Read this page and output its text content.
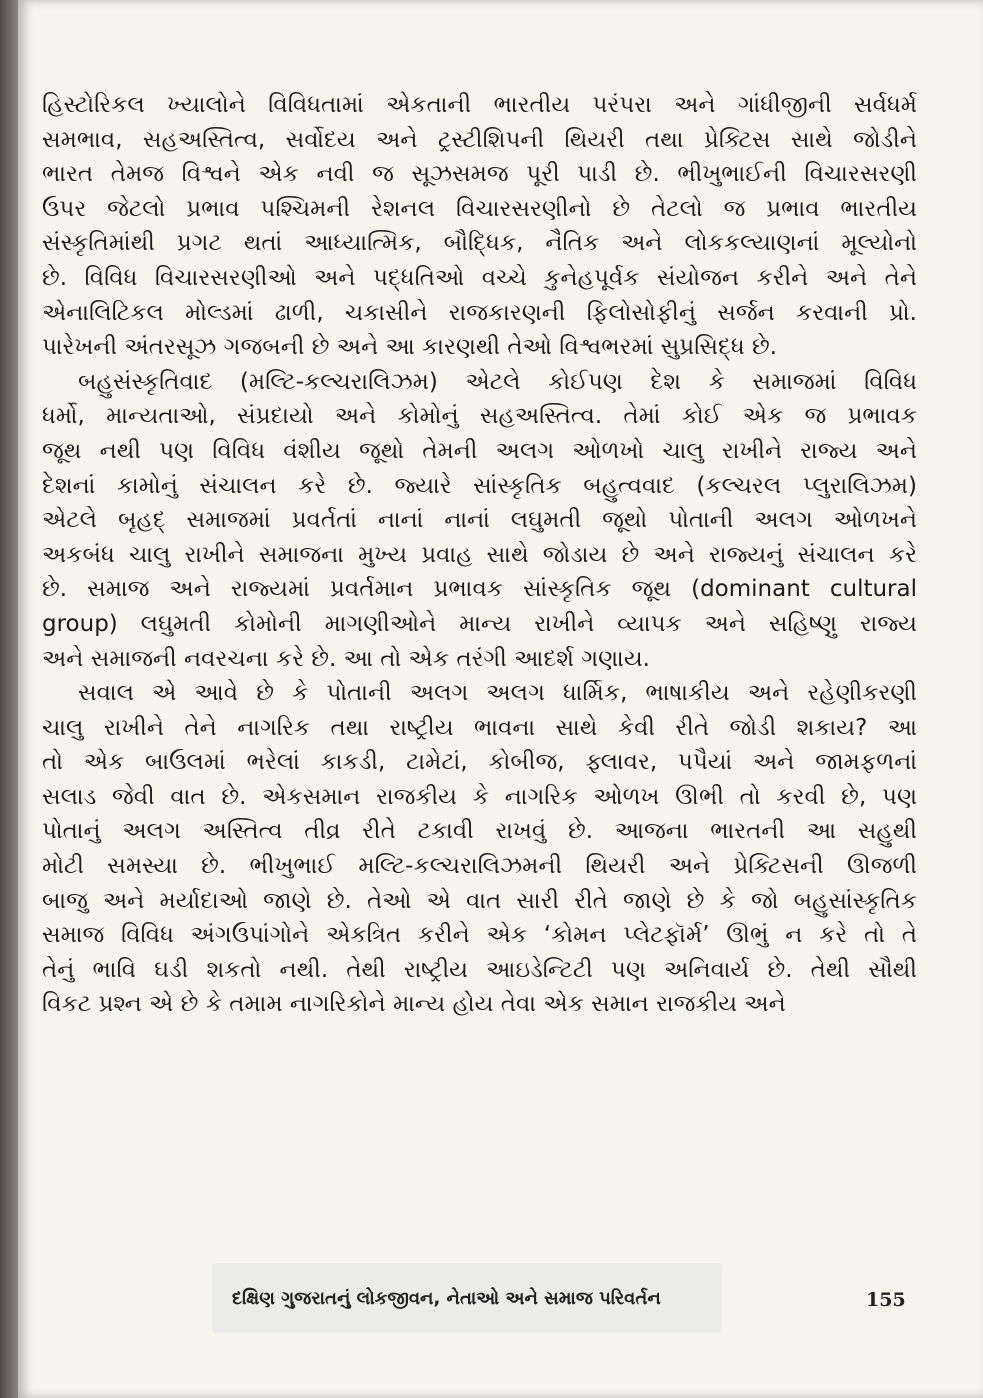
હિસ્ટોરિકલ ખ્યાલોને વિવિધતામાં એકતાની ભારતીય પરંપરા અને ગાંધીજીની સર્વધર્મ
સમભાવ, સહઅસ્તિત્વ, સર્વોદય અને ટ્રસ્ટીશિપની થિયરી તથા પ્રેક્ટિસ સાથે જોડીને
ભારત તેમજ વિશ્વને એક નવી જ સૂઝસમજ પૂરી પાડી છે. ભીખુભાઈની વિચારસરણી
ઉપર જેટલો પ્રભાવ પશ્ચિમની રેશનલ વિચારસરણીનો છે તેટલો જ પ્રભાવ ભારતીય
સંસ્કૃતિમાંથી પ્રગટ થતાં આધ્યાત્મિક, બૌદ્ધિક, નૈતિક અને લોકકલ્યાણનાં મૂલ્યોનો
છે. વિવિધ વિચારસરણીઓ અને પદ્ધતિઓ વચ્ચે કુનેહપૂર્વક સંયોજન કરીને અને તેને
એનાલિટિકલ મોલ્ડમાં ઢાળી, ચકાસીને રાજકારણની ફિલોસોફીનું સર્જન કરવાની પ્રો.
પારેખની અંતરસૂઝ ગજબની છે અને આ કારણથી તેઓ વિશ્વભરમાં સુપ્રસિદ્ધ છે.

બહુસંસ્કૃતિવાદ (મલ્ટિ-કલ્ચરાલિઝમ) એટલે કોઈપણ દેશ કે સમાજમાં વિવિધ
ધર્મો, માન્યતાઓ, સંપ્રદાયો અને કોમોનું સહઅસ્તિત્વ. તેમાં કોઈ એક જ પ્રભાવક
જૂથ નથી પણ વિવિધ વંશીય જૂથો તેમની અલગ ઓળખો ચાલુ રાખીને રાજ્ય અને
દેશનાં કામોનું સંચાલન કરે છે. જ્યારે સાંસ્કૃતિક બહુત્વવાદ (કલ્ચરલ પ્લુરાલિઝમ)
એટલે બૃહદ્ સમાજમાં પ્રવર્તતાં નાનાં નાનાં લઘુમતી જૂથો પોતાની અલગ ઓળખને
અકબંધ ચાલુ રાખીને સમાજના મુખ્ય પ્રવાહ સાથે જોડાય છે અને રાજ્યનું સંચાલન કરે
છે. સમાજ અને રાજ્યમાં પ્રવર્તમાન પ્રભાવક સાંસ્કૃતિક જૂથ (dominant cultural
group) લઘુમતી કોમોની માગણીઓને માન્ય રાખીને વ્યાપક અને સહિષ્ણુ રાજ્ય
અને સમાજની નવરચના કરે છે. આ તો એક તરંગી આદર્શ ગણાય.

સવાલ એ આવે છે કે પોતાની અલગ અલગ ધાર્મિક, ભાષાકીય અને રહેણીકરણી
ચાલુ રાખીને તેને નાગરિક તથા રાષ્ટ્રીય ભાવના સાથે કેવી રીતે જોડી શકાય? આ
તો એક બાઉલમાં ભરેલાં કાકડી, ટામેટાં, કોબીજ, ફ્લાવર, પપૈયાં અને જામફળનાં
સલાડ જેવી વાત છે. એકસમાન રાજકીય કે નાગરિક ઓળખ ઊભી તો કરવી છે, પણ
પોતાનું અલગ અસ્તિત્વ તીવ્ર રીતે ટકાવી રાખવું છે. આજના ભારતની આ સહુથી
મોટી સમસ્યા છે. ભીખુભાઈ મલ્ટિ-કલ્ચરાલિઝમની થિયરી અને પ્રેક્ટિસની ઊજળી
બાજુ અને મર્યાદાઓ જાણે છે. તેઓ એ વાત સારી રીતે જાણે છે કે જો બહુસાંસ્કૃતિક
સમાજ વિવિધ અંગઉપાંગોને એકત્રિત કરીને એક ‘કોમન પ્લેટફૉર્મ’ ઊભું ન કરે તો તે
તેનું ભાવિ ઘડી શકતો નથી. તેથી રાષ્ટ્રીય આઇડેન્ટિટી પણ અનિવાર્ય છે. તેથી સૌથી
વિકટ પ્રશ્ન એ છે કે તમામ નાગરિકોને માન્ય હોય તેવા એક સમાન રાજકીય અને

દક્ષિણ ગુજરાતનું લોકજીવન, નેતાઓ અને સમાજ પરિવર્તન	155
